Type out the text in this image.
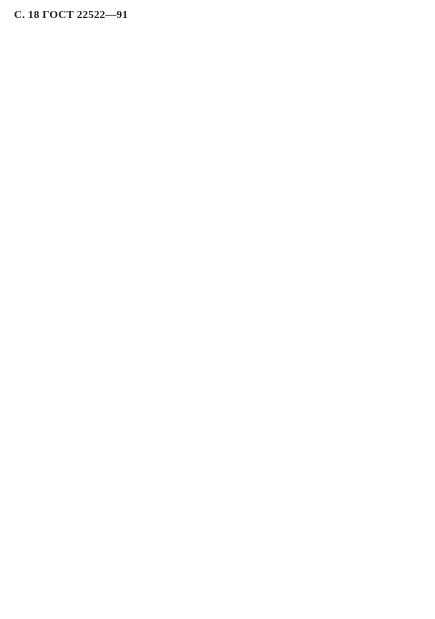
С. 18 ГОСТ 22522—91
